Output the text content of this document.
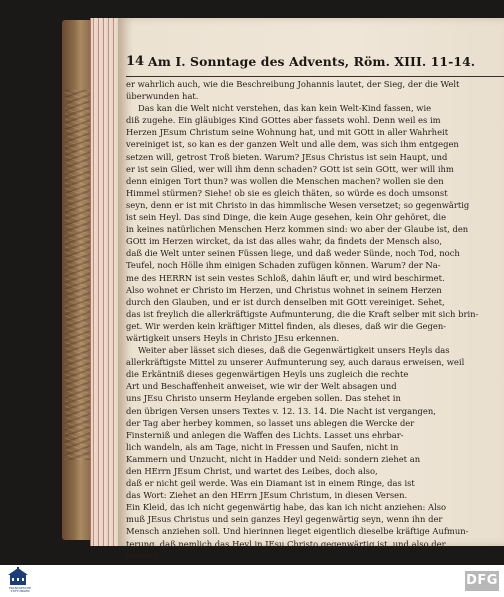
14 Am I. Sonntage des Advents, Röm. XIII. 11-14.
er wahrlich auch, wie die Beschreibung Johannis lautet, der Sieg, der die Welt
überwunden hat.
Das kan die Welt nicht verstehen, das kan kein Welt-Kind fassen, wie
diß zugehe. Ein gläubiges Kind GOttes aber fassets wohl. Denn weil es im
Herzen JEsum Christum seine Wohnung hat, und mit GOtt in aller Wahrheit
vereiniget ist, so kan es der ganzen Welt und alle dem, was sich ihm entgegen
setzen will, getrost Troß bieten. Warum? JEsus Christus ist sein Haupt, und
er ist sein Glied, wer will ihm denn schaden? GOtt ist sein GOtt, wer will ihm
denn einigen Tort thun? was wollen die Menschen machen? wollen sie den
Himmel stürmen? Siehe! ob sie es gleich thäten, so würde es doch umsonst
seyn, denn er ist mit Christo in das himmlische Wesen versetzet; so gegenwärtig
ist sein Heyl. Das sind Dinge, die kein Auge gesehen, kein Ohr gehöret, die
in keines natürlichen Menschen Herz kommen sind: wo aber der Glaube ist, den
GOtt im Herzen wircket, da ist das alles wahr, da findets der Mensch also,
daß die Welt unter seinen Füssen liege, und daß weder Sünde, noch Tod, noch
Teufel, noch Hölle ihm einigen Schaden zufügen können. Warum? der Na-
me des HERRN ist sein vestes Schloß, dahin läuft er, und wird beschirmet.
Also wohnet er Christo im Herzen, und Christus wohnet in seinem Herzen
durch den Glauben, und er ist durch denselben mit GOtt vereiniget. Sehet,
das ist freylich die allerkräftigste Aufmunterung, die die Kraft selber mit sich brin-
get. Wir werden kein kräftiger Mittel finden, als dieses, daß wir die Gegen-
wärtigkeit unsers Heyls in Christo JEsu erkennen.
Weiter aber lässet sich dieses, daß die Gegenwärtigkeit unsers Heyls das
allerkräftigste Mittel zu unserer Aufmunterung sey, auch daraus erweisen, weil
die Erkäntniß dieses gegenwärtigen Heyls uns zugleich die rechte
Art und Beschaffenheit anweiset, wie wir der Welt absagen und
uns JEsu Christo unserm Heylande ergeben sollen. Das stehet in
den übrigen Versen unsers Textes v. 12. 13. 14. Die Nacht ist vergangen,
der Tag aber herbey kommen, so lasset uns ablegen die Wercke der
Finsterniß und anlegen die Waffen des Lichts. Lasset uns ehrbar-
lich wandeln, als am Tage, nicht in Fressen und Saufen, nicht in
Kammern und Unzucht, nicht in Hadder und Neid: sondern ziehet an
den HErrn JEsum Christ, und wartet des Leibes, doch also,
daß er nicht geil werde. Was ein Diamant ist in einem Ringe, das ist
das Wort: Ziehet an den HErrn JEsum Christum, in diesen Versen.
Ein Kleid, das ich nicht gegenwärtig habe, das kan ich nicht anziehen: Also
muß JEsus Christus und sein ganzes Heyl gegenwärtig seyn, wenn ihn der
Mensch anziehen soll. Und hierinnen lieget eigentlich dieselbe kräftige Aufmun-
terung, daß nemlich das Heyl in JEsu Christo gegenwärtig ist, und also der
Mensch
FRANCKESCHE STIFTUNGEN
DFG
